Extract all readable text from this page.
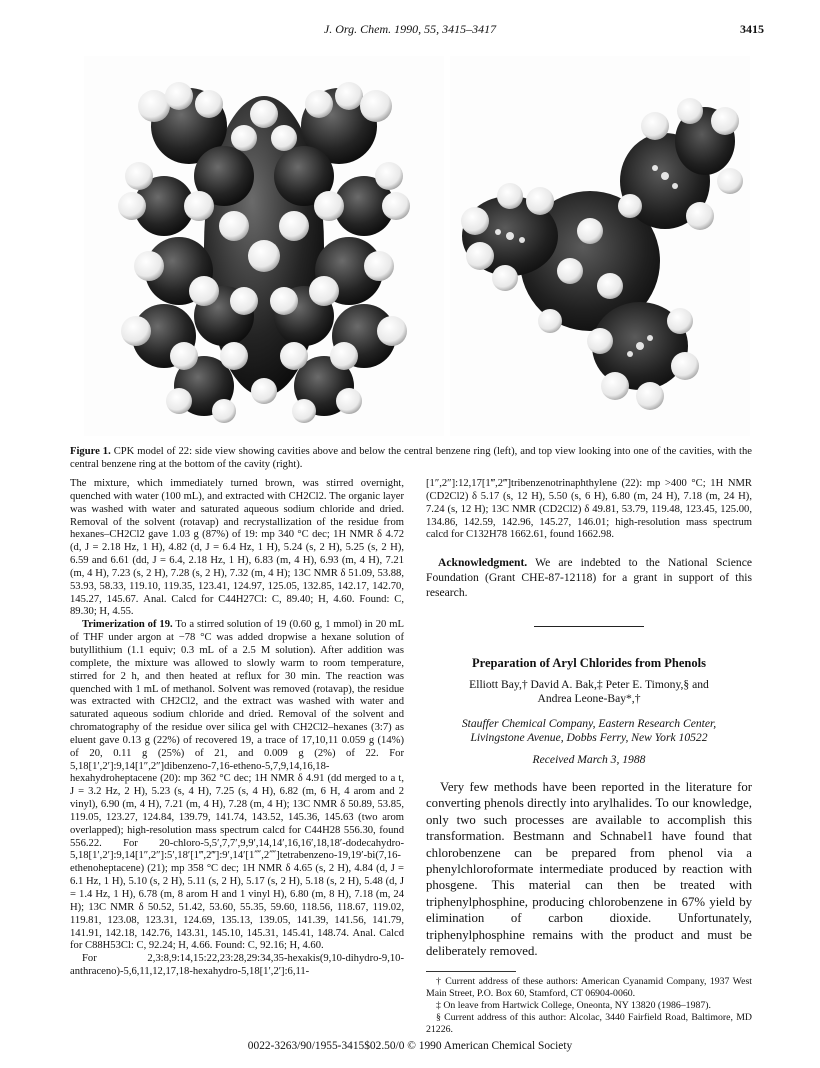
J. Org. Chem. 1990, 55, 3415–3417	3415
Figure 1. CPK model of 22: side view showing cavities above and below the central benzene ring (left), and top view looking into one of the cavities, with the central benzene ring at the bottom of the cavity (right).

The mixture, which immediately turned brown, was stirred overnight, quenched with water (100 mL), and extracted with CH2Cl2. The organic layer was washed with water and saturated aqueous sodium chloride and dried. Removal of the solvent (rotavap) and recrystallization of the residue from hexanes–CH2Cl2 gave 1.03 g (87%) of 19: mp 340 °C dec; 1H NMR δ 4.72 (d, J = 2.18 Hz, 1 H), 4.82 (d, J = 6.4 Hz, 1 H), 5.24 (s, 2 H), 5.25 (s, 2 H), 6.59 and 6.61 (dd, J = 6.4, 2.18 Hz, 1 H), 6.83 (m, 4 H), 6.93 (m, 4 H), 7.21 (m, 4 H), 7.23 (s, 2 H), 7.28 (s, 2 H), 7.32 (m, 4 H); 13C NMR δ 51.09, 53.88, 53.93, 58.33, 119.10, 119.35, 123.41, 124.97, 125.05, 132.85, 142.17, 142.70, 145.27, 145.67. Anal. Calcd for C44H27Cl: C, 89.40; H, 4.60. Found: C, 89.30; H, 4.55.

Trimerization of 19. To a stirred solution of 19 (0.60 g, 1 mmol) in 20 mL of THF under argon at −78 °C was added dropwise a hexane solution of butyllithium (1.1 equiv; 0.3 mL of a 2.5 M solution). After addition was complete, the mixture was allowed to slowly warm to room temperature, stirred for 2 h, and then heated at reflux for 30 min. The reaction was quenched with 1 mL of methanol. Solvent was removed (rotavap), the residue was extracted with CH2Cl2, and the extract was washed with water and saturated aqueous sodium chloride and dried. Removal of the solvent and chromatography of the residue over silica gel with CH2Cl2–hexanes (3:7) as eluent gave 0.13 g (22%) of recovered 19, a trace of 17,10,11 0.059 g (14%) of 20, 0.11 g (25%) of 21, and 0.009 g (2%) of 22. For 5,18[1′,2′]:9,14[1″,2″]dibenzeno-7,16-etheno-5,7,9,14,16,18-hexahydroheptacene (20): mp 362 °C dec; 1H NMR δ 4.91 (dd merged to a t, J = 3.2 Hz, 2 H), 5.23 (s, 4 H), 7.25 (s, 4 H), 6.82 (m, 6 H, 4 arom and 2 vinyl), 6.90 (m, 4 H), 7.21 (m, 4 H), 7.28 (m, 4 H); 13C NMR δ 50.89, 53.85, 119.05, 123.27, 124.84, 139.79, 141.74, 143.52, 145.36, 145.63 (two arom overlapped); high-resolution mass spectrum calcd for C44H28 556.30, found 556.22. For 20-chloro-5,5′,7,7′,9,9′,14,14′,16,16′,18,18′-dodecahydro-5,18[1′,2′]:9,14[1″,2″]:5′,18′[1‴,2‴]:9′,14′[1⁗,2⁗]tetrabenzeno-19,19′-bi(7,16-ethenoheptacene) (21); mp 358 °C dec; 1H NMR δ 4.65 (s, 2 H), 4.84 (d, J = 6.1 Hz, 1 H), 5.10 (s, 2 H), 5.11 (s, 2 H), 5.17 (s, 2 H), 5.18 (s, 2 H), 5.48 (d, J = 1.4 Hz, 1 H), 6.78 (m, 8 arom H and 1 vinyl H), 6.80 (m, 8 H), 7.18 (m, 24 H); 13C NMR δ 50.52, 51.42, 53.60, 55.35, 59.60, 118.56, 118.67, 119.02, 119.81, 123.08, 123.31, 124.69, 135.13, 139.05, 141.39, 141.56, 141.79, 141.91, 142.18, 142.76, 143.31, 145.10, 145.31, 145.41, 148.74. Anal. Calcd for C88H53Cl: C, 92.24; H, 4.66. Found: C, 92.16; H, 4.60.

For 2,3:8,9:14,15:22,23:28,29:34,35-hexakis(9,10-dihydro-9,10-anthraceno)-5,6,11,12,17,18-hexahydro-5,18[1′,2′]:6,11-

[1″,2″]:12,17[1‴,2‴]tribenzenotrinaphthylene (22): mp >400 °C; 1H NMR (CD2Cl2) δ 5.17 (s, 12 H), 5.50 (s, 6 H), 6.80 (m, 24 H), 7.18 (m, 24 H), 7.24 (s, 12 H); 13C NMR (CD2Cl2) δ 49.81, 53.79, 119.48, 123.45, 125.00, 134.86, 142.59, 142.96, 145.27, 146.01; high-resolution mass spectrum calcd for C132H78 1662.61, found 1662.98.

Acknowledgment. We are indebted to the National Science Foundation (Grant CHE-87-12118) for a grant in support of this research.

Preparation of Aryl Chlorides from Phenols
Elliott Bay,† David A. Bak,‡ Peter E. Timony,§ and
Andrea Leone-Bay*,†
Stauffer Chemical Company, Eastern Research Center,
Livingstone Avenue, Dobbs Ferry, New York 10522
Received March 3, 1988

Very few methods have been reported in the literature for converting phenols directly into arylhalides. To our knowledge, only two such processes are available to accomplish this transformation. Bestmann and Schnabel1 have found that chlorobenzene can be prepared from phenol via a phenylchloroformate intermediate produced by reaction with phosgene. This material can then be treated with triphenylphosphine, producing chlorobenzene in 67% yield by elimination of carbon dioxide. Unfortunately, triphenylphosphine remains with the product and must be deliberately removed.

† Current address of these authors: American Cyanamid Company, 1937 West Main Street, P.O. Box 60, Stamford, CT 06904-0060.

‡ On leave from Hartwick College, Oneonta, NY 13820 (1986–1987).

§ Current address of this author: Alcolac, 3440 Fairfield Road, Baltimore, MD 21226.

0022-3263/90/1955-3415$02.50/0 © 1990 American Chemical Society
